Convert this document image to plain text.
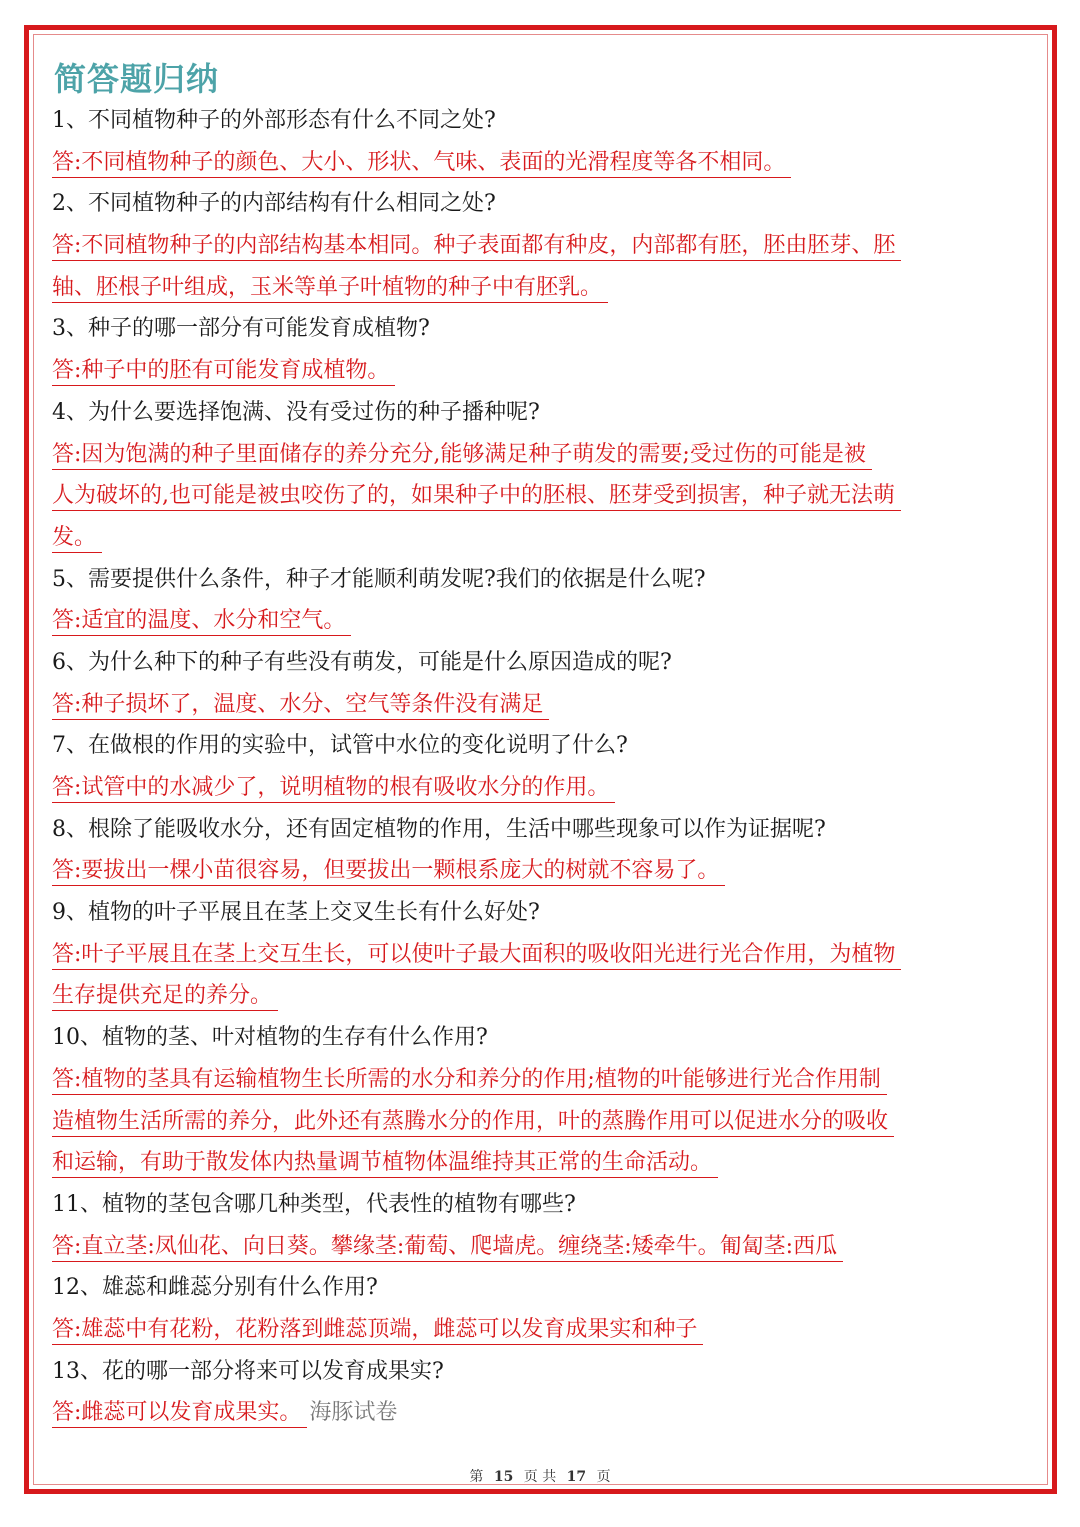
简答题归纳
1、不同植物种子的外部形态有什么不同之处?
答:不同植物种子的颜色、大小、形状、气味、表面的光滑程度等各不相同。
2、不同植物种子的内部结构有什么相同之处?
答:不同植物种子的内部结构基本相同。种子表面都有种皮，内部都有胚，胚由胚芽、胚
轴、胚根子叶组成，玉米等单子叶植物的种子中有胚乳。
3、种子的哪一部分有可能发育成植物?
答:种子中的胚有可能发育成植物。
4、为什么要选择饱满、没有受过伤的种子播种呢?
答:因为饱满的种子里面储存的养分充分,能够满足种子萌发的需要;受过伤的可能是被
人为破坏的,也可能是被虫咬伤了的，如果种子中的胚根、胚芽受到损害，种子就无法萌
发。
5、需要提供什么条件，种子才能顺利萌发呢?我们的依据是什么呢?
答:适宜的温度、水分和空气。
6、为什么种下的种子有些没有萌发，可能是什么原因造成的呢?
答:种子损坏了，温度、水分、空气等条件没有满足
7、在做根的作用的实验中，试管中水位的变化说明了什么?
答:试管中的水减少了，说明植物的根有吸收水分的作用。
8、根除了能吸收水分，还有固定植物的作用，生活中哪些现象可以作为证据呢?
答:要拔出一棵小苗很容易，但要拔出一颗根系庞大的树就不容易了。
9、植物的叶子平展且在茎上交叉生长有什么好处?
答:叶子平展且在茎上交互生长，可以使叶子最大面积的吸收阳光进行光合作用，为植物
生存提供充足的养分。
10、植物的茎、叶对植物的生存有什么作用?
答:植物的茎具有运输植物生长所需的水分和养分的作用;植物的叶能够进行光合作用制
造植物生活所需的养分，此外还有蒸腾水分的作用，叶的蒸腾作用可以促进水分的吸收
和运输，有助于散发体内热量调节植物体温维持其正常的生命活动。
11、植物的茎包含哪几种类型，代表性的植物有哪些?
答:直立茎:凤仙花、向日葵。攀缘茎:葡萄、爬墙虎。缠绕茎:矮牵牛。匍匐茎:西瓜
12、雄蕊和雌蕊分别有什么作用?
答:雄蕊中有花粉，花粉落到雌蕊顶端，雌蕊可以发育成果实和种子
13、花的哪一部分将来可以发育成果实?
答:雌蕊可以发育成果实。 海豚试卷
第 15 页 共 17 页
